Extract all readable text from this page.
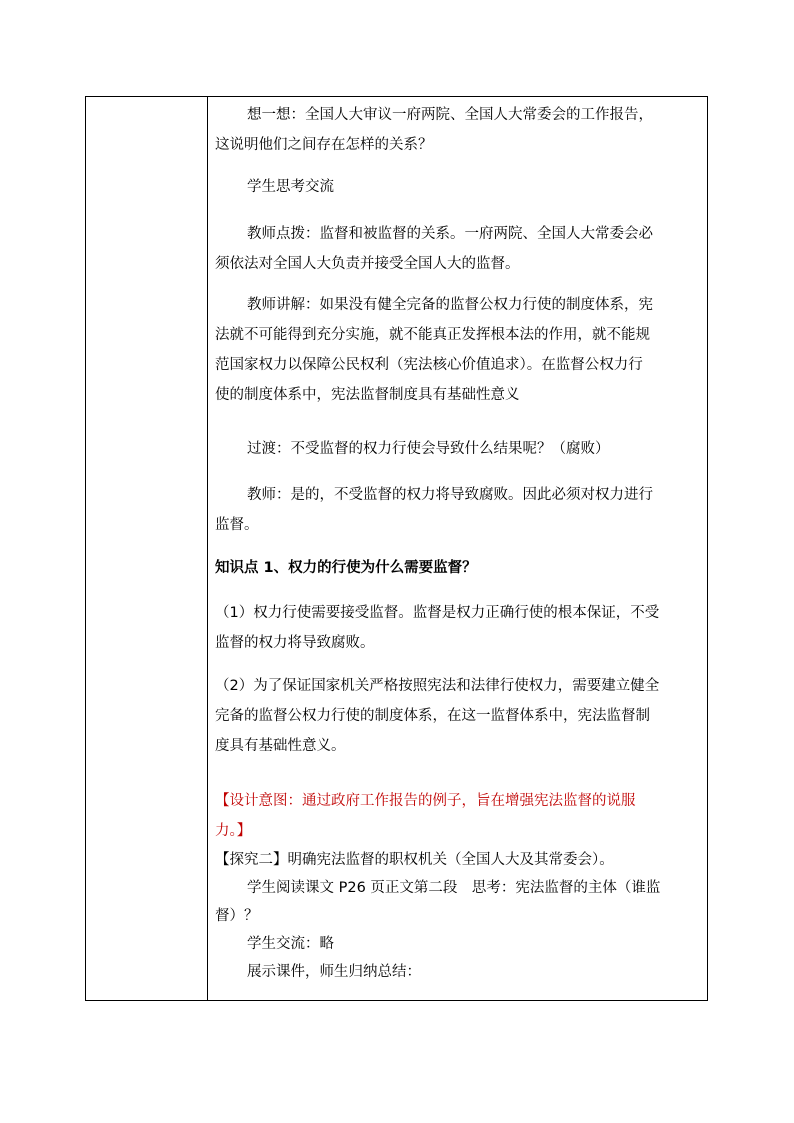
想一想：全国人大审议一府两院、全国人大常委会的工作报告，
这说明他们之间存在怎样的关系？
学生思考交流
教师点拨：监督和被监督的关系。一府两院、全国人大常委会必
须依法对全国人大负责并接受全国人大的监督。
教师讲解：如果没有健全完备的监督公权力行使的制度体系，宪
法就不可能得到充分实施，就不能真正发挥根本法的作用，就不能规
范国家权力以保障公民权利（宪法核心价值追求）。在监督公权力行
使的制度体系中，宪法监督制度具有基础性意义
过渡：不受监督的权力行使会导致什么结果呢？（腐败）
教师：是的，不受监督的权力将导致腐败。因此必须对权力进行
监督。
知识点 1、权力的行使为什么需要监督？
（1）权力行使需要接受监督。监督是权力正确行使的根本保证，不受
监督的权力将导致腐败。
（2）为了保证国家机关严格按照宪法和法律行使权力，需要建立健全
完备的监督公权力行使的制度体系，在这一监督体系中，宪法监督制
度具有基础性意义。
【设计意图：通过政府工作报告的例子，旨在增强宪法监督的说服
力。】
【探究二】明确宪法监督的职权机关（全国人大及其常委会）。
学生阅读课文 P26 页正文第二段　思考：宪法监督的主体（谁监
督）？
学生交流：略
展示课件，师生归纳总结：
